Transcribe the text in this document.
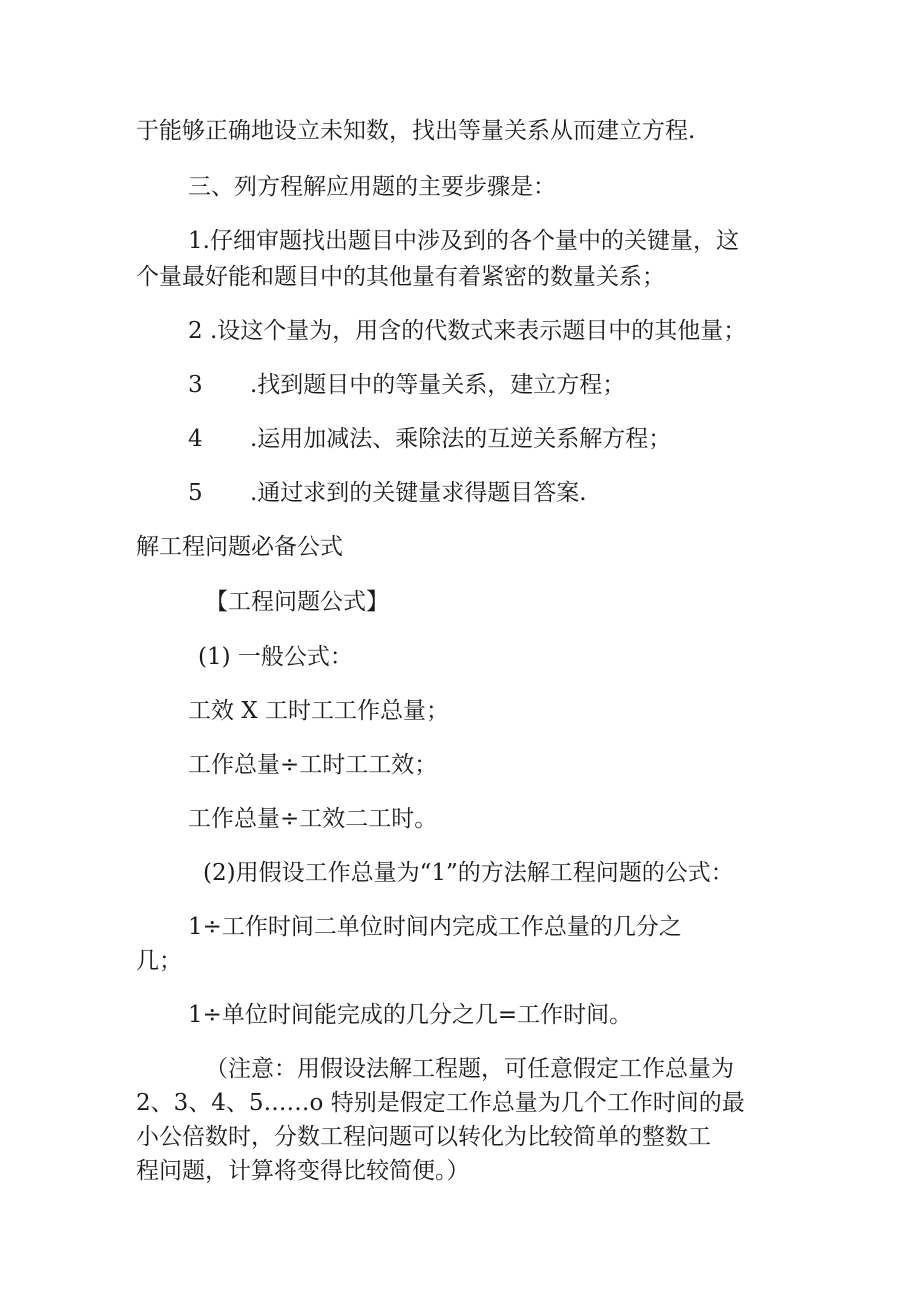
于能够正确地设立未知数，找出等量关系从而建立方程.

三、列方程解应用题的主要步骤是：

1.仔细审题找出题目中涉及到的各个量中的关键量，这

个量最好能和题目中的其他量有着紧密的数量关系；

2 .设这个量为，用含的代数式来表示题目中的其他量；

3 .找到题目中的等量关系，建立方程；

4 .运用加减法、乘除法的互逆关系解方程；

5 .通过求到的关键量求得题目答案.

解工程问题必备公式

【工程问题公式】

(1) 一般公式：

工效 X 工时工工作总量；

工作总量÷工时工工效；

工作总量÷工效二工时。

(2)用假设工作总量为“1”的方法解工程问题的公式：

1÷工作时间二单位时间内完成工作总量的几分之

几；

1÷单位时间能完成的几分之几=工作时间。

（注意：用假设法解工程题，可任意假定工作总量为

2、3、4、5……o 特别是假定工作总量为几个工作时间的最

小公倍数时，分数工程问题可以转化为比较简单的整数工

程问题，计算将变得比较简便。）
